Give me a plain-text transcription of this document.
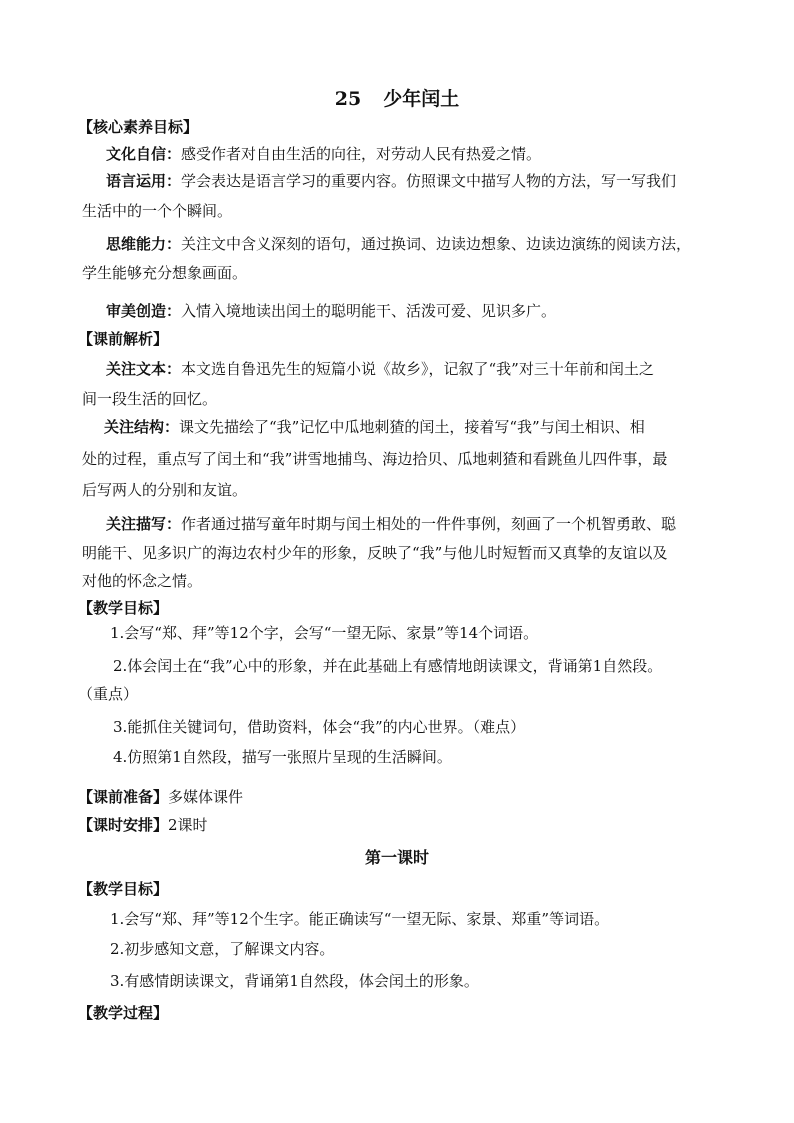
25 少年闰土
【核心素养目标】
文化自信：感受作者对自由生活的向往，对劳动人民有热爱之情。
语言运用：学会表达是语言学习的重要内容。仿照课文中描写人物的方法，写一写我们
生活中的一个个瞬间。
思维能力：关注文中含义深刻的语句，通过换词、边读边想象、边读边演练的阅读方法，
学生能够充分想象画面。
审美创造：入情入境地读出闰土的聪明能干、活泼可爱、见识多广。
【课前解析】
关注文本：本文选自鲁迅先生的短篇小说《故乡》，记叙了“我”对三十年前和闰土之
间一段生活的回忆。
关注结构：课文先描绘了“我”记忆中瓜地刺猹的闰土，接着写“我”与闰土相识、相
处的过程，重点写了闰土和“我”讲雪地捕鸟、海边拾贝、瓜地刺猹和看跳鱼儿四件事，最
后写两人的分别和友谊。
关注描写：作者通过描写童年时期与闰土相处的一件件事例，刻画了一个机智勇敢、聪
明能干、见多识广的海边农村少年的形象，反映了“我”与他儿时短暂而又真挚的友谊以及
对他的怀念之情。
【教学目标】
1.会写“郑、拜”等12个字，会写“一望无际、家景”等14个词语。
2.体会闰土在“我”心中的形象，并在此基础上有感情地朗读课文，背诵第1自然段。
（重点）
3.能抓住关键词句，借助资料，体会“我”的内心世界。（难点）
4.仿照第1自然段，描写一张照片呈现的生活瞬间。
【课前准备】多媒体课件
【课时安排】2课时
第一课时
【教学目标】
1.会写“郑、拜”等12个生字。能正确读写“一望无际、家景、郑重”等词语。
2.初步感知文意，了解课文内容。
3.有感情朗读课文，背诵第1自然段，体会闰土的形象。
【教学过程】
